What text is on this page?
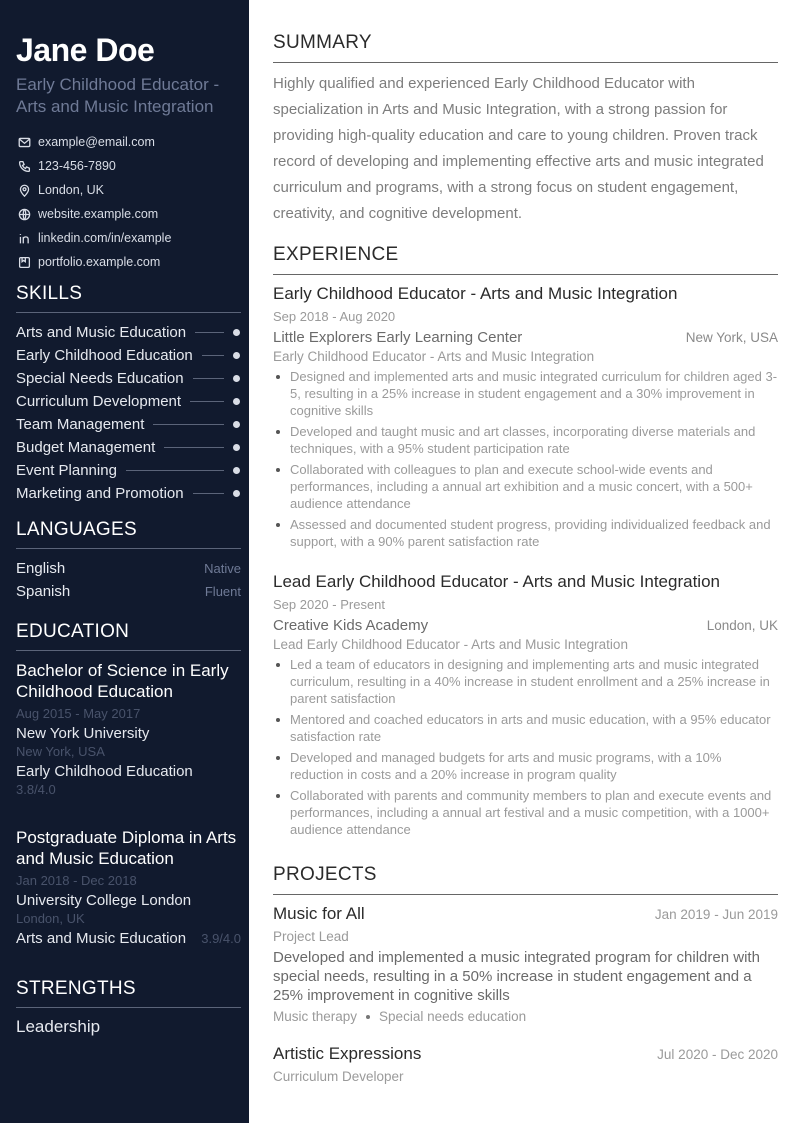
Jane Doe
Early Childhood Educator - Arts and Music Integration
example@email.com
123-456-7890
London, UK
website.example.com
linkedin.com/in/example
portfolio.example.com
SKILLS
Arts and Music Education
Early Childhood Education
Special Needs Education
Curriculum Development
Team Management
Budget Management
Event Planning
Marketing and Promotion
LANGUAGES
English	Native
Spanish	Fluent
EDUCATION
Bachelor of Science in Early Childhood Education
Aug 2015 - May 2017
New York University
New York, USA
Early Childhood Education
3.8/4.0
Postgraduate Diploma in Arts and Music Education
Jan 2018 - Dec 2018
University College London
London, UK
Arts and Music Education 3.9/4.0
STRENGTHS
Leadership
SUMMARY
Highly qualified and experienced Early Childhood Educator with specialization in Arts and Music Integration, with a strong passion for providing high-quality education and care to young children. Proven track record of developing and implementing effective arts and music integrated curriculum and programs, with a strong focus on student engagement, creativity, and cognitive development.
EXPERIENCE
Early Childhood Educator - Arts and Music Integration
Sep 2018 - Aug 2020
Little Explorers Early Learning Center	New York, USA
Early Childhood Educator - Arts and Music Integration
Designed and implemented arts and music integrated curriculum for children aged 3-5, resulting in a 25% increase in student engagement and a 30% improvement in cognitive skills
Developed and taught music and art classes, incorporating diverse materials and techniques, with a 95% student participation rate
Collaborated with colleagues to plan and execute school-wide events and performances, including a annual art exhibition and a music concert, with a 500+ audience attendance
Assessed and documented student progress, providing individualized feedback and support, with a 90% parent satisfaction rate
Lead Early Childhood Educator - Arts and Music Integration
Sep 2020 - Present
Creative Kids Academy	London, UK
Lead Early Childhood Educator - Arts and Music Integration
Led a team of educators in designing and implementing arts and music integrated curriculum, resulting in a 40% increase in student enrollment and a 25% increase in parent satisfaction
Mentored and coached educators in arts and music education, with a 95% educator satisfaction rate
Developed and managed budgets for arts and music programs, with a 10% reduction in costs and a 20% increase in program quality
Collaborated with parents and community members to plan and execute events and performances, including a annual art festival and a music competition, with a 1000+ audience attendance
PROJECTS
Music for All	Jan 2019 - Jun 2019
Project Lead
Developed and implemented a music integrated program for children with special needs, resulting in a 50% increase in student engagement and a 25% improvement in cognitive skills
Music therapy Special needs education
Artistic Expressions	Jul 2020 - Dec 2020
Curriculum Developer
